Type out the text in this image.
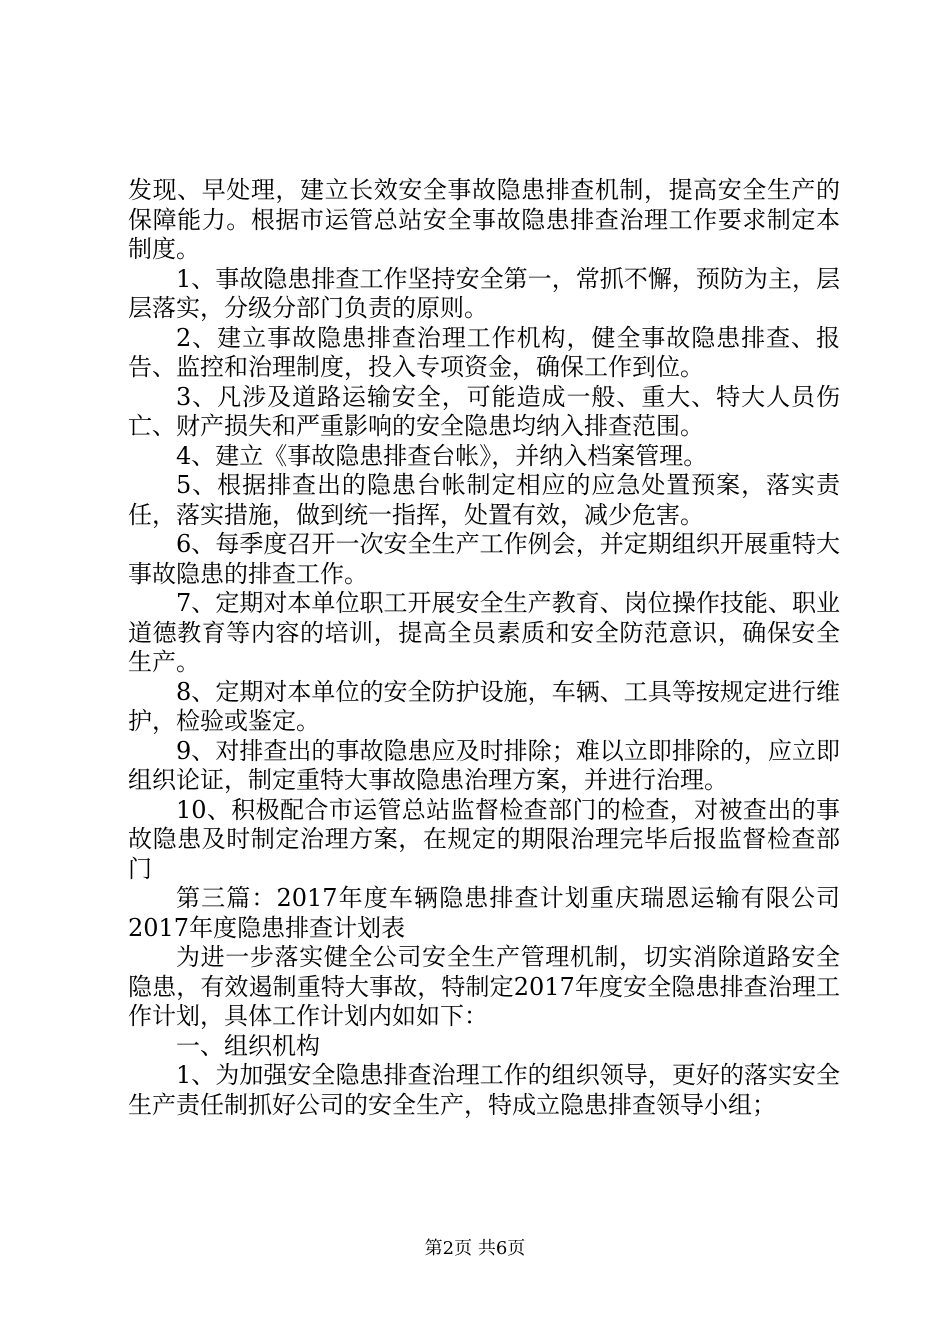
发现、早处理，建立长效安全事故隐患排查机制，提高安全生产的保障能力。根据市运管总站安全事故隐患排查治理工作要求制定本制度。

1、事故隐患排查工作坚持安全第一，常抓不懈，预防为主，层层落实，分级分部门负责的原则。

2、建立事故隐患排查治理工作机构，健全事故隐患排查、报告、监控和治理制度，投入专项资金，确保工作到位。

3、凡涉及道路运输安全，可能造成一般、重大、特大人员伤亡、财产损失和严重影响的安全隐患均纳入排查范围。

4、建立《事故隐患排查台帐》，并纳入档案管理。

5、根据排查出的隐患台帐制定相应的应急处置预案，落实责任，落实措施，做到统一指挥，处置有效，减少危害。

6、每季度召开一次安全生产工作例会，并定期组织开展重特大事故隐患的排查工作。

7、定期对本单位职工开展安全生产教育、岗位操作技能、职业道德教育等内容的培训，提高全员素质和安全防范意识，确保安全生产。

8、定期对本单位的安全防护设施，车辆、工具等按规定进行维护，检验或鉴定。

9、对排查出的事故隐患应及时排除；难以立即排除的，应立即组织论证，制定重特大事故隐患治理方案，并进行治理。

10、积极配合市运管总站监督检查部门的检查，对被查出的事故隐患及时制定治理方案，在规定的期限治理完毕后报监督检查部门

第三篇：2017年度车辆隐患排查计划重庆瑞恩运输有限公司2017年度隐患排查计划表

为进一步落实健全公司安全生产管理机制，切实消除道路安全隐患，有效遏制重特大事故，特制定2017年度安全隐患排查治理工作计划，具体工作计划内如如下：

一、组织机构

1、为加强安全隐患排查治理工作的组织领导，更好的落实安全生产责任制抓好公司的安全生产，特成立隐患排查领导小组；

第2页 共6页
